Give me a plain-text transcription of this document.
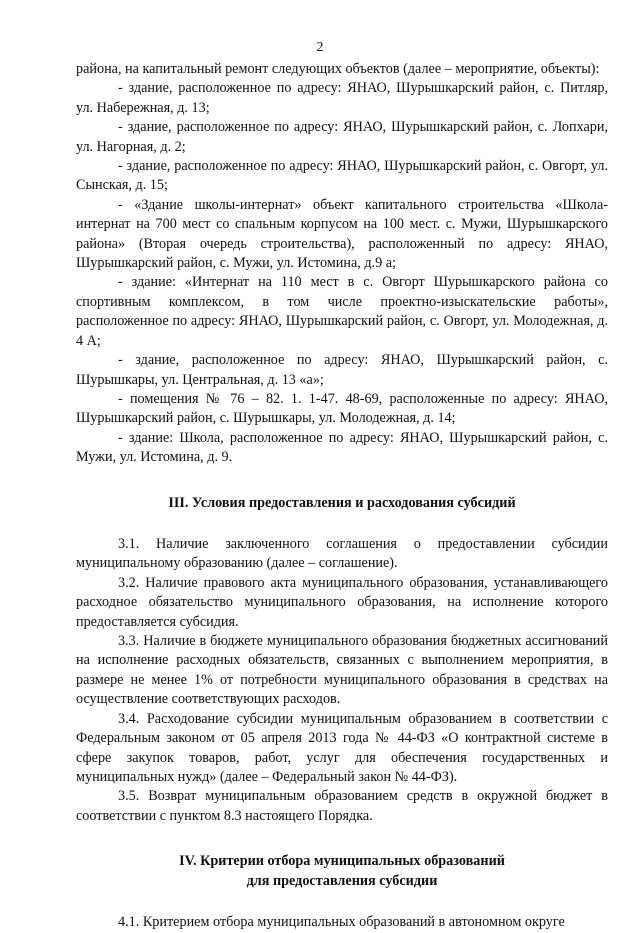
2

района, на капитальный ремонт следующих объектов (далее – мероприятие, объекты):

- здание, расположенное по адресу: ЯНАО, Шурышкарский район, с. Питляр, ул. Набережная, д. 13;

- здание, расположенное по адресу: ЯНАО, Шурышкарский район, с. Лопхари, ул. Нагорная, д. 2;

- здание, расположенное по адресу: ЯНАО, Шурышкарский район, с. Овгорт, ул. Сынская, д. 15;

- «Здание школы-интернат» объект капитального строительства «Школа-интернат на 700 мест со спальным корпусом на 100 мест. с. Мужи, Шурышкарского района» (Вторая очередь строительства), расположенный по адресу: ЯНАО, Шурышкарский район, с. Мужи, ул. Истомина, д.9 а;

- здание: «Интернат на 110 мест в с. Овгорт Шурышкарского района со спортивным комплексом, в том числе проектно-изыскательские работы», расположенное по адресу: ЯНАО, Шурышкарский район, с. Овгорт, ул. Молодежная, д. 4 А;

- здание, расположенное по адресу: ЯНАО, Шурышкарский район, с. Шурышкары, ул. Центральная, д. 13 «а»;

- помещения № 76 – 82. 1. 1-47. 48-69, расположенные по адресу: ЯНАО, Шурышкарский район, с. Шурышкары, ул. Молодежная, д. 14;

- здание: Школа, расположенное по адресу: ЯНАО, Шурышкарский район, с. Мужи, ул. Истомина, д. 9.

III. Условия предоставления и расходования субсидий

3.1. Наличие заключенного соглашения о предоставлении субсидии муниципальному образованию (далее – соглашение).

3.2. Наличие правового акта муниципального образования, устанавливающего расходное обязательство муниципального образования, на исполнение которого предоставляется субсидия.

3.3. Наличие в бюджете муниципального образования бюджетных ассигнований на исполнение расходных обязательств, связанных с выполнением мероприятия, в размере не менее 1% от потребности муниципального образования в средствах на осуществление соответствующих расходов.

3.4. Расходование субсидии муниципальным образованием в соответствии с Федеральным законом от 05 апреля 2013 года № 44-ФЗ «О контрактной системе в сфере закупок товаров, работ, услуг для обеспечения государственных и муниципальных нужд» (далее – Федеральный закон № 44-ФЗ).

3.5. Возврат муниципальным образованием средств в окружной бюджет в соответствии с пунктом 8.3 настоящего Порядка.

IV. Критерии отбора муниципальных образований

для предоставления субсидии

4.1. Критерием отбора муниципальных образований в автономном округе
